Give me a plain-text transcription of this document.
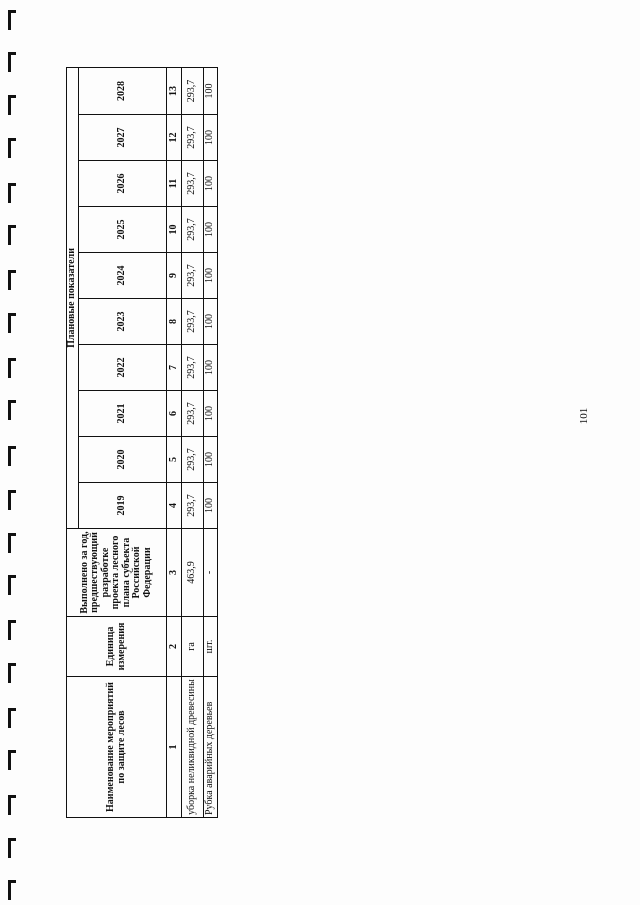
Наименование мероприятий по защите лесов	Единица измерения	Выполнено за год, предшествующий разработке проекта лесного плана субъекта Российской Федерации	Плановые показатели									
			2019	2020	2021	2022	2023	2024	2025	2026	2027	2028
1	2	3	4	5	6	7	8	9	10	11	12	13
уборка неликвидной древесины	га	463,9	293,7	293,7	293,7	293,7	293,7	293,7	293,7	293,7	293,7	293,7
Рубка аварийных деревьев	шт.	-	100	100	100	100	100	100	100	100	100	100
101
